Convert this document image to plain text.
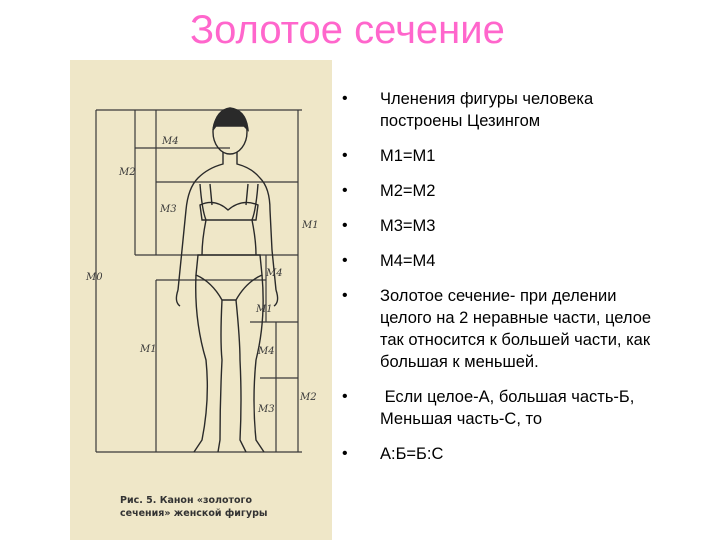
Золотое сечение
M4
M2
M3
M1
M4
M0
M1	M4
M3
M2
M1
Рис. 5. Канон «золотого
сечения» женской фигуры
• Членения фигуры человека построены Цезингом
• М1=М1
• М2=М2
• М3=М3
• М4=М4
• Золотое сечение- при делении целого на 2 неравные части, целое так относится к большей части, как большая к меньшей.
• Если целое-А, большая часть-Б, Меньшая часть-С, то
• А:Б=Б:С
